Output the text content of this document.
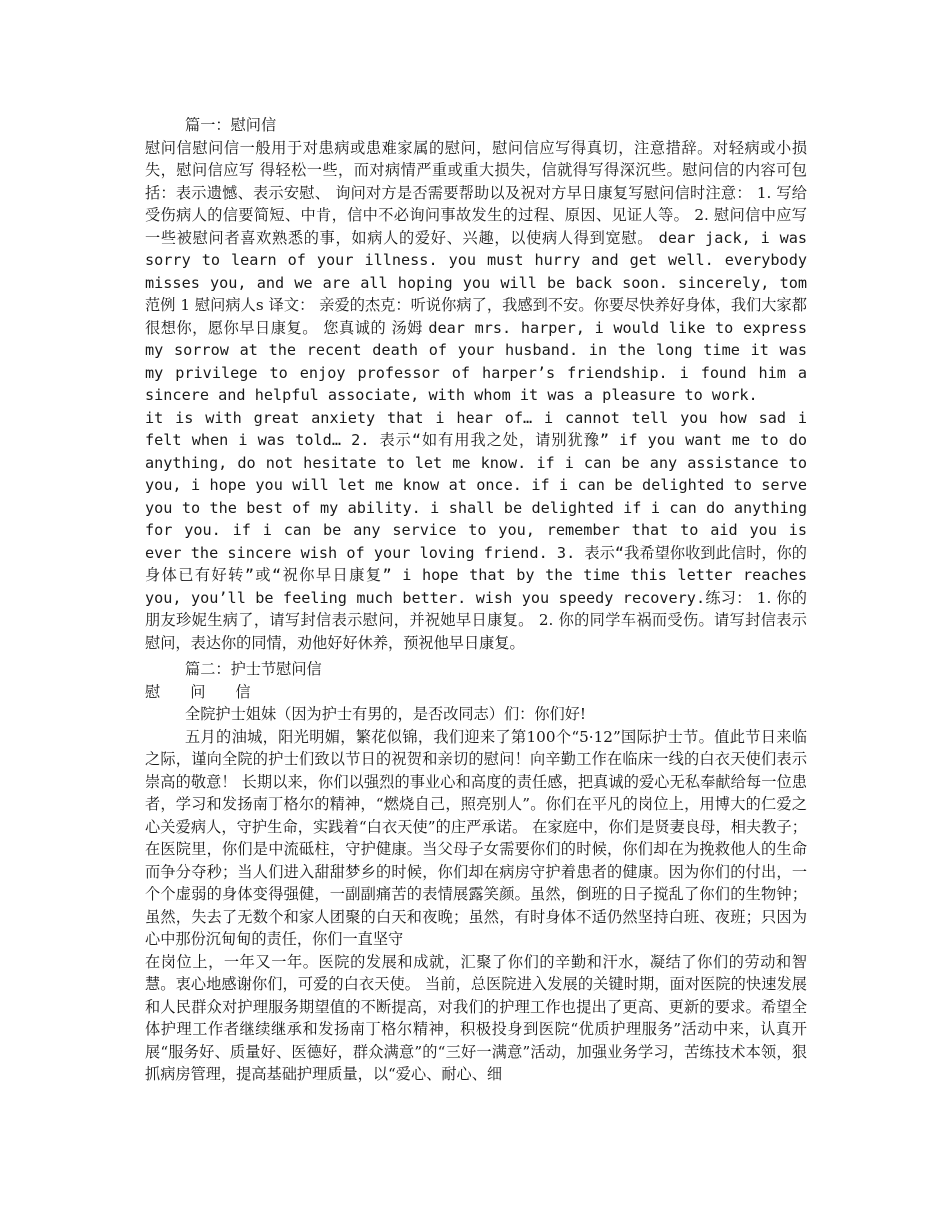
篇一：慰问信

慰问信慰问信一般用于对患病或患难家属的慰问，慰问信应写得真切，注意措辞。对轻病或小损失，慰问信应写 得轻松一些，而对病情严重或重大损失，信就得写得深沉些。慰问信的内容可包括：表示遗憾、表示安慰、 询问对方是否需要帮助以及祝对方早日康复写慰问信时注意： 1. 写给受伤病人的信要简短、中肯，信中不必询问事故发生的过程、原因、见证人等。 2. 慰问信中应写一些被慰问者喜欢熟悉的事，如病人的爱好、兴趣，以使病人得到宽慰。 dear jack, i was sorry to learn of your illness. you must hurry and get well. everybody misses you, and we are all hoping you will be back soon. sincerely, tom 范例 1 慰问病人s 译文： 亲爱的杰克：听说你病了，我感到不安。你要尽快养好身体，我们大家都很想你，愿你早日康复。 您真诚的 汤姆 dear mrs. harper, i would like to express my sorrow at the recent death of your husband. in the long time it was my privilege to enjoy professor of harper’s friendship. i found him a sincere and helpful associate, with whom it was a pleasure to work.

it is with great anxiety that i hear of… i cannot tell you how sad i felt when i was told… 2. 表示“如有用我之处，请别犹豫” if you want me to do anything, do not hesitate to let me know. if i can be any assistance to you, i hope you will let me know at once. if i can be delighted to serve you to the best of my ability. i shall be delighted if i can do anything for you. if i can be any service to you, remember that to aid you is ever the sincere wish of your loving friend. 3. 表示“我希望你收到此信时，你的身体已有好转”或“祝你早日康复” i hope that by the time this letter reaches you, you’ll be feeling much better. wish you speedy recovery.练习： 1. 你的朋友珍妮生病了，请写封信表示慰问，并祝她早日康复。 2. 你的同学车祸而受伤。请写封信表示慰问，表达你的同情，劝他好好休养，预祝他早日康复。

篇二：护士节慰问信

慰问信

全院护士姐妹（因为护士有男的，是否改同志）们：你们好!

五月的油城，阳光明媚，繁花似锦，我们迎来了第100个“5·12”国际护士节。值此节日来临之际，谨向全院的护士们致以节日的祝贺和亲切的慰问！向辛勤工作在临床一线的白衣天使们表示崇高的敬意！ 长期以来，你们以强烈的事业心和高度的责任感，把真诚的爱心无私奉献给每一位患者，学习和发扬南丁格尔的精神，“燃烧自己，照亮别人”。你们在平凡的岗位上，用博大的仁爱之心关爱病人，守护生命，实践着“白衣天使”的庄严承诺。 在家庭中，你们是贤妻良母，相夫教子；在医院里，你们是中流砥柱，守护健康。当父母子女需要你们的时候，你们却在为挽救他人的生命而争分夺秒；当人们进入甜甜梦乡的时候，你们却在病房守护着患者的健康。因为你们的付出，一个个虚弱的身体变得强健，一副副痛苦的表情展露笑颜。虽然，倒班的日子搅乱了你们的生物钟；虽然，失去了无数个和家人团聚的白天和夜晚；虽然，有时身体不适仍然坚持白班、夜班；只因为心中那份沉甸甸的责任，你们一直坚守

在岗位上，一年又一年。医院的发展和成就，汇聚了你们的辛勤和汗水，凝结了你们的劳动和智慧。衷心地感谢你们，可爱的白衣天使。 当前，总医院进入发展的关键时期，面对医院的快速发展和人民群众对护理服务期望值的不断提高，对我们的护理工作也提出了更高、更新的要求。希望全体护理工作者继续继承和发扬南丁格尔精神，积极投身到医院“优质护理服务”活动中来，认真开展“服务好、质量好、医德好，群众满意”的“三好一满意”活动，加强业务学习，苦练技术本领，狠抓病房管理，提高基础护理质量，以“爱心、耐心、细
